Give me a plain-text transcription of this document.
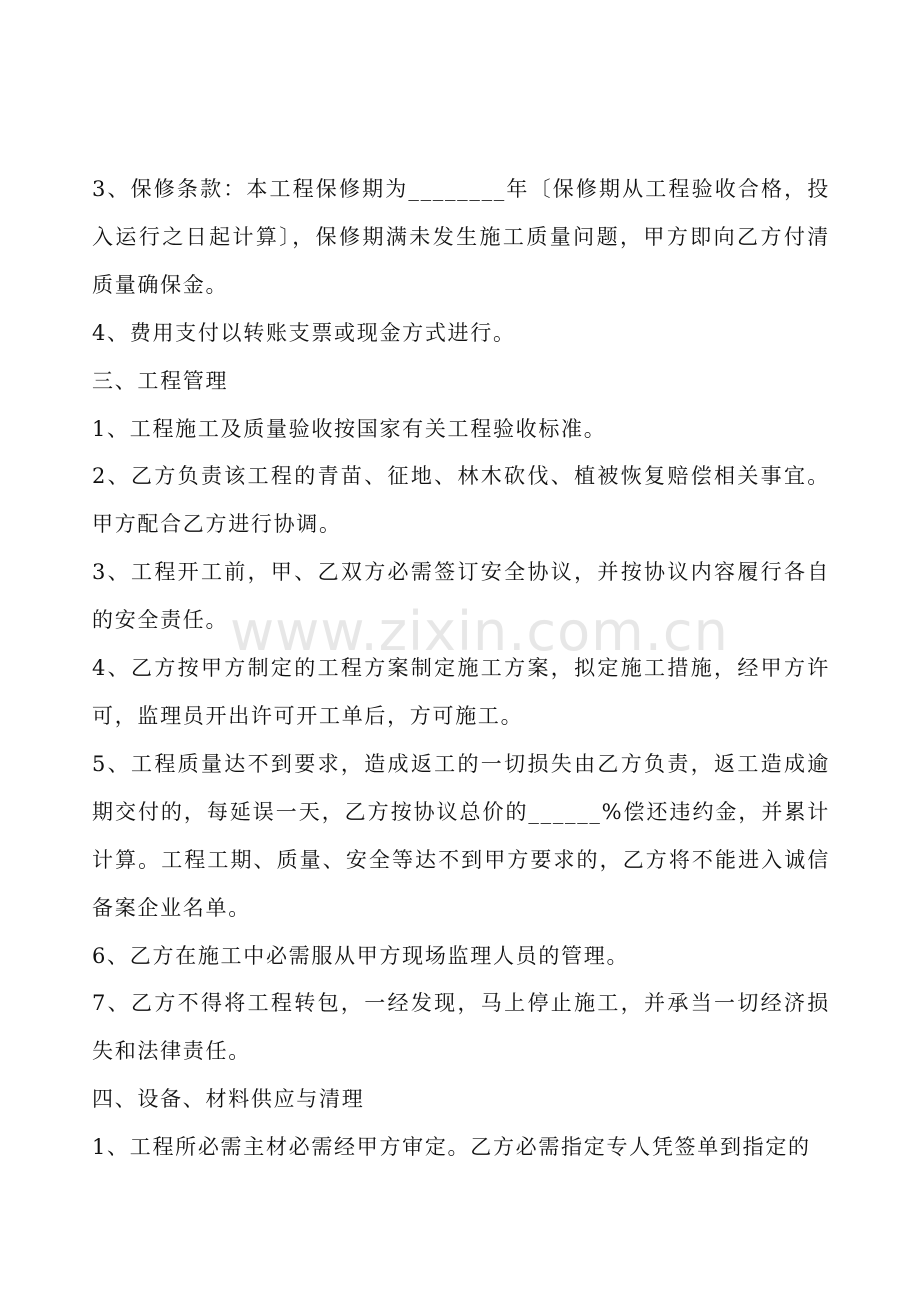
3、保修条款：本工程保修期为________年〔保修期从工程验收合格，投入运行之日起计算〕，保修期满未发生施工质量问题，甲方即向乙方付清质量确保金。

4、费用支付以转账支票或现金方式进行。

三、工程管理

1、工程施工及质量验收按国家有关工程验收标准。

2、乙方负责该工程的青苗、征地、林木砍伐、植被恢复赔偿相关事宜。甲方配合乙方进行协调。

3、工程开工前，甲、乙双方必需签订安全协议，并按协议内容履行各自的安全责任。

4、乙方按甲方制定的工程方案制定施工方案，拟定施工措施，经甲方许可，监理员开出许可开工单后，方可施工。

5、工程质量达不到要求，造成返工的一切损失由乙方负责，返工造成逾期交付的，每延误一天，乙方按协议总价的______%偿还违约金，并累计计算。工程工期、质量、安全等达不到甲方要求的，乙方将不能进入诚信备案企业名单。

6、乙方在施工中必需服从甲方现场监理人员的管理。

7、乙方不得将工程转包，一经发现，马上停止施工，并承当一切经济损失和法律责任。

四、设备、材料供应与清理

1、工程所必需主材必需经甲方审定。乙方必需指定专人凭签单到指定的

www.zixin.com.cn
